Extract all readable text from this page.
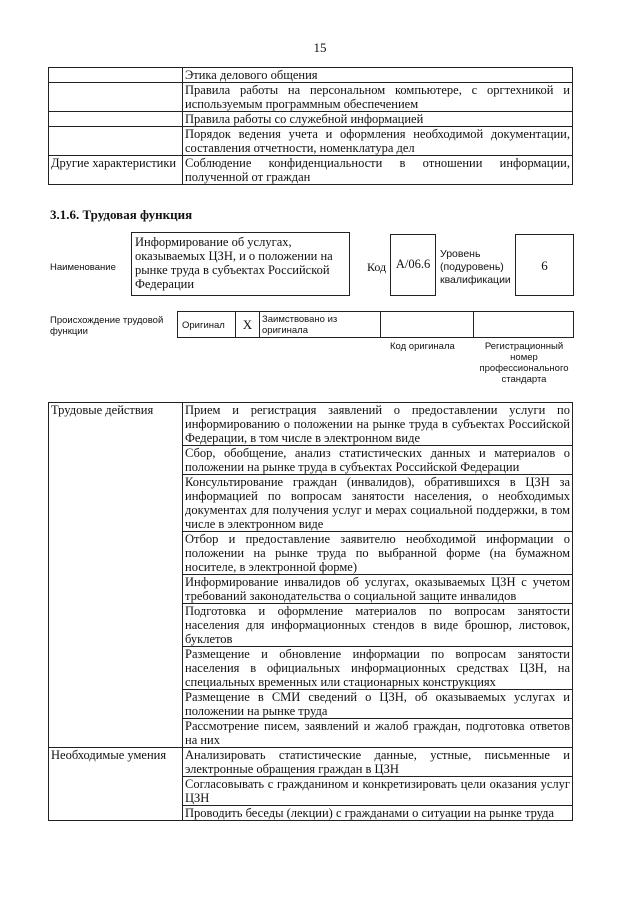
15
	Этика делового общения
	Правила работы на персональном компьютере, с оргтехникой и используемым программным обеспечением
	Правила работы со служебной информацией
	Порядок ведения учета и оформления необходимой документации, составления отчетности, номенклатура дел
Другие характеристики	Соблюдение конфиденциальности в отношении информации, полученной от граждан
3.1.6. Трудовая функция
Наименование
Информирование об услугах, оказываемых ЦЗН, и о положении на рынке труда в субъектах Российской Федерации
Код A/06.6
Уровень (подуровень) квалификации
6
Происхождение трудовой функции
Оригинал	X	Заимствовано из оригинала
Код оригинала	Регистрационный номер профессионального стандарта
Трудовые действия	Прием и регистрация заявлений о предоставлении услуги по информированию о положении на рынке труда в субъектах Российской Федерации, в том числе в электронном виде
	Сбор, обобщение, анализ статистических данных и материалов о положении на рынке труда в субъектах Российской Федерации
	Консультирование граждан (инвалидов), обратившихся в ЦЗН за информацией по вопросам занятости населения, о необходимых документах для получения услуг и мерах социальной поддержки, в том числе в электронном виде
	Отбор и предоставление заявителю необходимой информации о положении на рынке труда по выбранной форме (на бумажном носителе, в электронной форме)
	Информирование инвалидов об услугах, оказываемых ЦЗН с учетом требований законодательства о социальной защите инвалидов
	Подготовка и оформление материалов по вопросам занятости населения для информационных стендов в виде брошюр, листовок, буклетов
	Размещение и обновление информации по вопросам занятости населения в официальных информационных средствах ЦЗН, на специальных временных или стационарных конструкциях
	Размещение в СМИ сведений о ЦЗН, об оказываемых услугах и положении на рынке труда
	Рассмотрение писем, заявлений и жалоб граждан, подготовка ответов на них
Необходимые умения	Анализировать статистические данные, устные, письменные и электронные обращения граждан в ЦЗН
	Согласовывать с гражданином и конкретизировать цели оказания услуг ЦЗН
	Проводить беседы (лекции) с гражданами о ситуации на рынке труда
